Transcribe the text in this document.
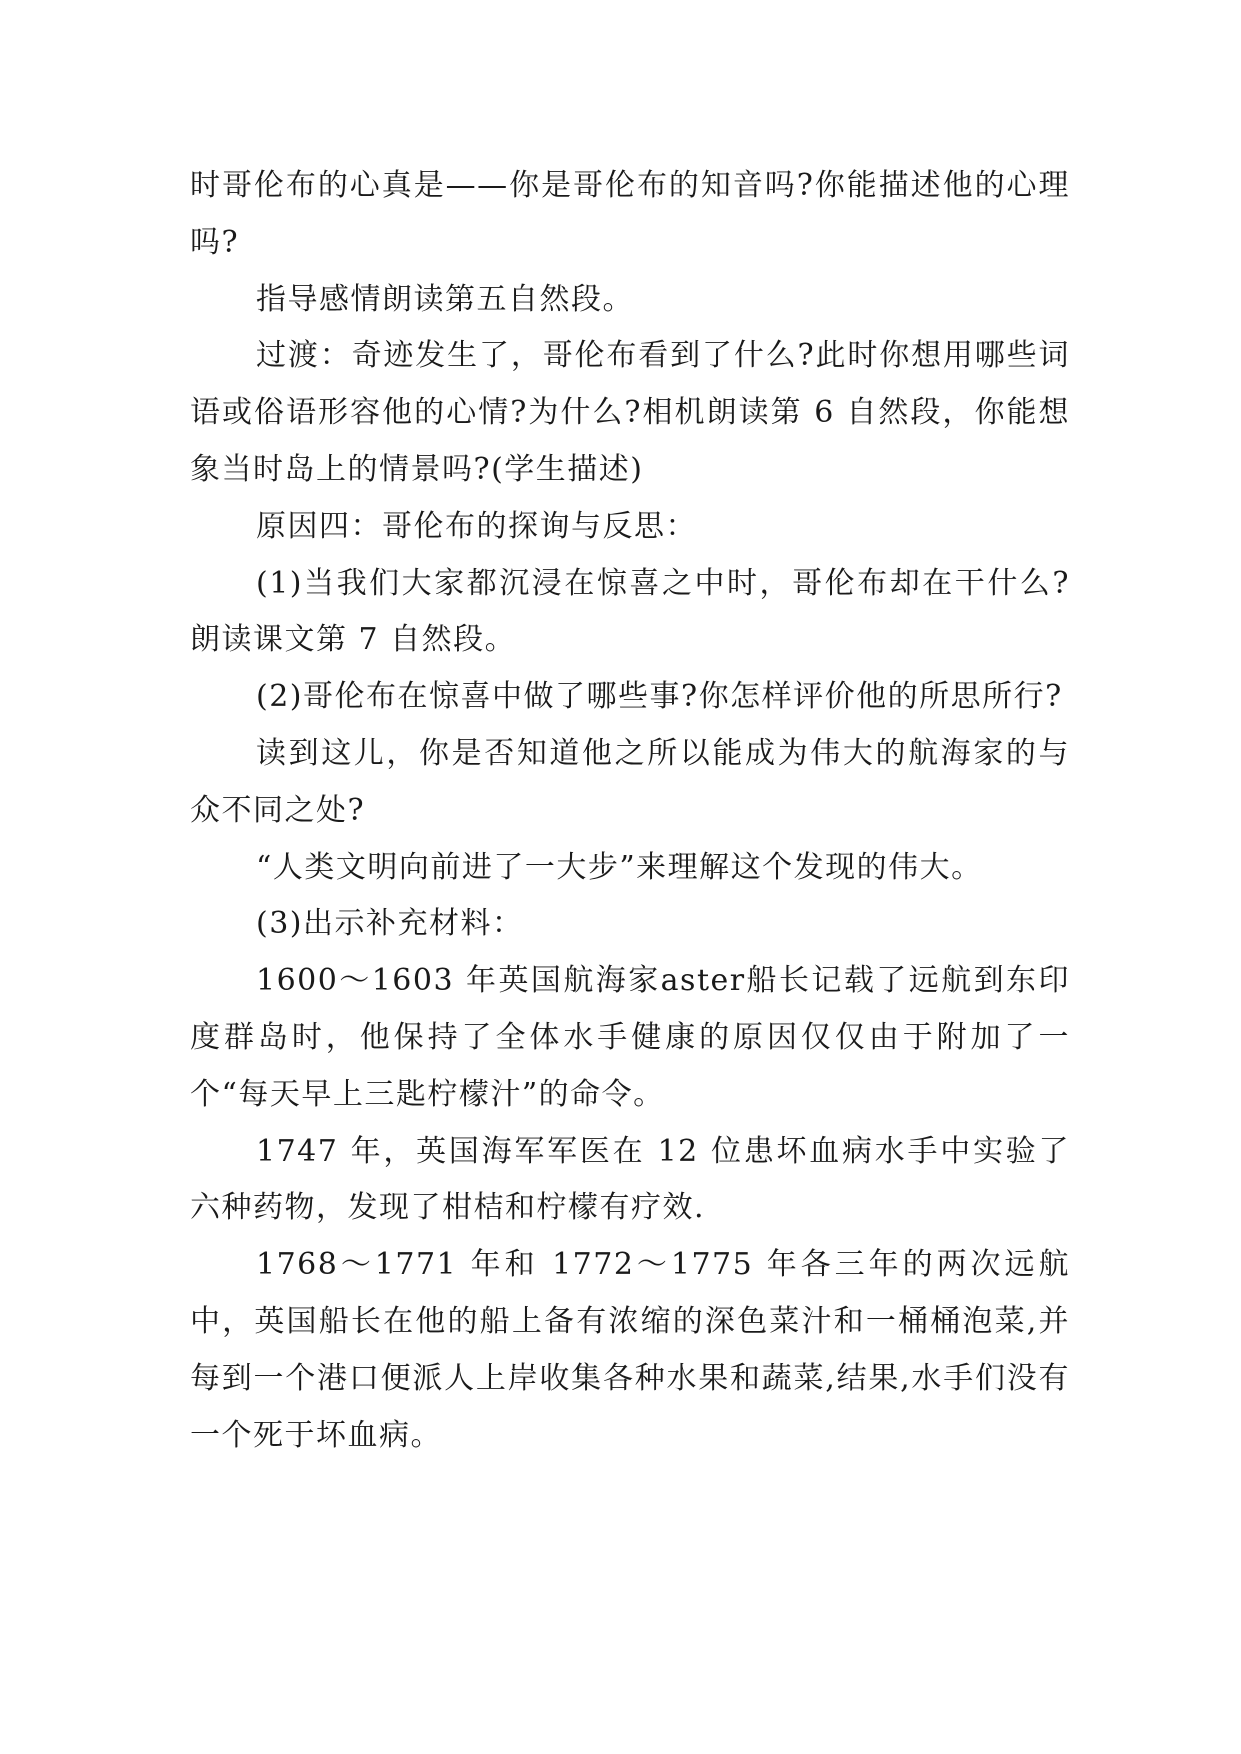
时哥伦布的心真是——你是哥伦布的知音吗?你能描述他的心理吗?

指导感情朗读第五自然段。

过渡：奇迹发生了，哥伦布看到了什么?此时你想用哪些词语或俗语形容他的心情?为什么?相机朗读第 6 自然段，你能想象当时岛上的情景吗?(学生描述)

原因四：哥伦布的探询与反思：

(1)当我们大家都沉浸在惊喜之中时，哥伦布却在干什么?朗读课文第 7 自然段。

(2)哥伦布在惊喜中做了哪些事?你怎样评价他的所思所行?

读到这儿，你是否知道他之所以能成为伟大的航海家的与众不同之处?

“人类文明向前进了一大步”来理解这个发现的伟大。

(3)出示补充材料：

1600～1603 年英国航海家aster船长记载了远航到东印度群岛时，他保持了全体水手健康的原因仅仅由于附加了一个“每天早上三匙柠檬汁”的命令。

1747 年，英国海军军医在 12 位患坏血病水手中实验了六种药物，发现了柑桔和柠檬有疗效.

1768～1771 年和 1772～1775 年各三年的两次远航中，英国船长在他的船上备有浓缩的深色菜汁和一桶桶泡菜,并每到一个港口便派人上岸收集各种水果和蔬菜,结果,水手们没有一个死于坏血病。
